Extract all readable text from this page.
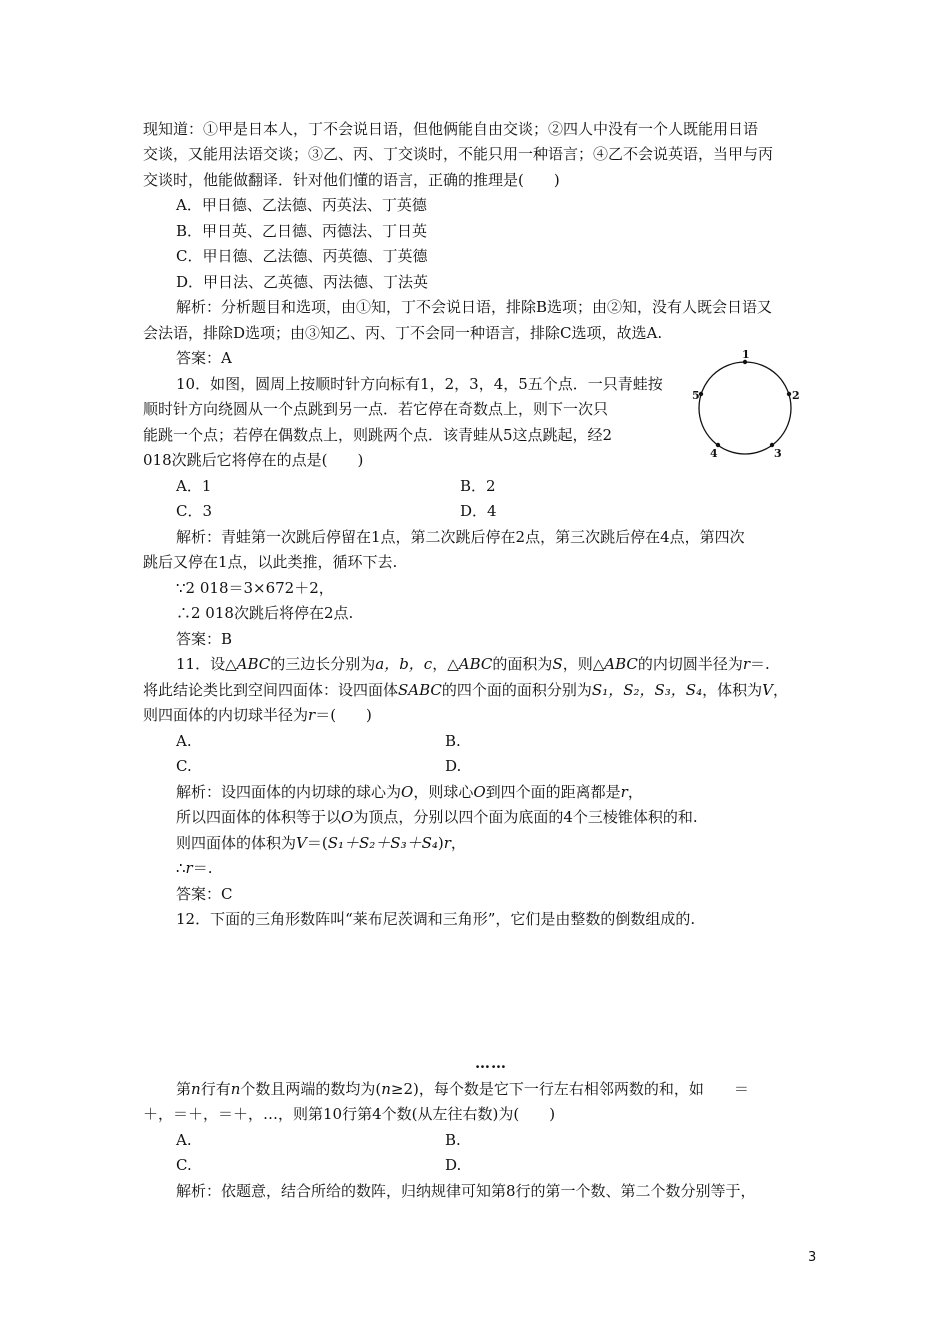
现知道：①甲是日本人，丁不会说日语，但他俩能自由交谈；②四人中没有一个人既能用日语
交谈，又能用法语交谈；③乙、丙、丁交谈时，不能只用一种语言；④乙不会说英语，当甲与丙
交谈时，他能做翻译．针对他们懂的语言，正确的推理是(　　)
A．甲日德、乙法德、丙英法、丁英德
B．甲日英、乙日德、丙德法、丁日英
C．甲日德、乙法德、丙英德、丁英德
D．甲日法、乙英德、丙法德、丁法英
解析：分析题目和选项，由①知，丁不会说日语，排除B选项；由②知，没有人既会日语又
会法语，排除D选项；由③知乙、丙、丁不会同一种语言，排除C选项，故选A.
答案：A
10．如图，圆周上按顺时针方向标有1，2，3，4，5五个点．一只青蛙按
顺时针方向绕圆从一个点跳到另一点．若它停在奇数点上，则下一次只
能跳一个点；若停在偶数点上，则跳两个点．该青蛙从5这点跳起，经2
018次跳后它将停在的点是(　　)
1
2
3
4
5
A．1	B．2
C．3	D．4
解析：青蛙第一次跳后停留在1点，第二次跳后停在2点，第三次跳后停在4点，第四次
跳后又停在1点，以此类推，循环下去.
∵2 018＝3×672＋2，
∴2 018次跳后将停在2点.
答案：B
11．设△ABC的三边长分别为a，b，c，△ABC的面积为S，则△ABC的内切圆半径为r＝.
将此结论类比到空间四面体：设四面体SABC的四个面的面积分别为S₁，S₂，S₃，S₄，体积为V，
则四面体的内切球半径为r＝(　　)
A.	B.
C.	D.
解析：设四面体的内切球的球心为O，则球心O到四个面的距离都是r，
所以四面体的体积等于以O为顶点，分别以四个面为底面的4个三棱锥体积的和.
则四面体的体积为V＝(S₁＋S₂＋S₃＋S₄)r，
∴r＝.
答案：C
12．下面的三角形数阵叫“莱布尼茨调和三角形”，它们是由整数的倒数组成的.
……
第n行有n个数且两端的数均为(n≥2)，每个数是它下一行左右相邻两数的和，如　　＝
＋，＝＋，＝＋，…，则第10行第4个数(从左往右数)为(　　)
A.	B.
C.	D.
解析：依题意，结合所给的数阵，归纳规律可知第8行的第一个数、第二个数分别等于，
3
